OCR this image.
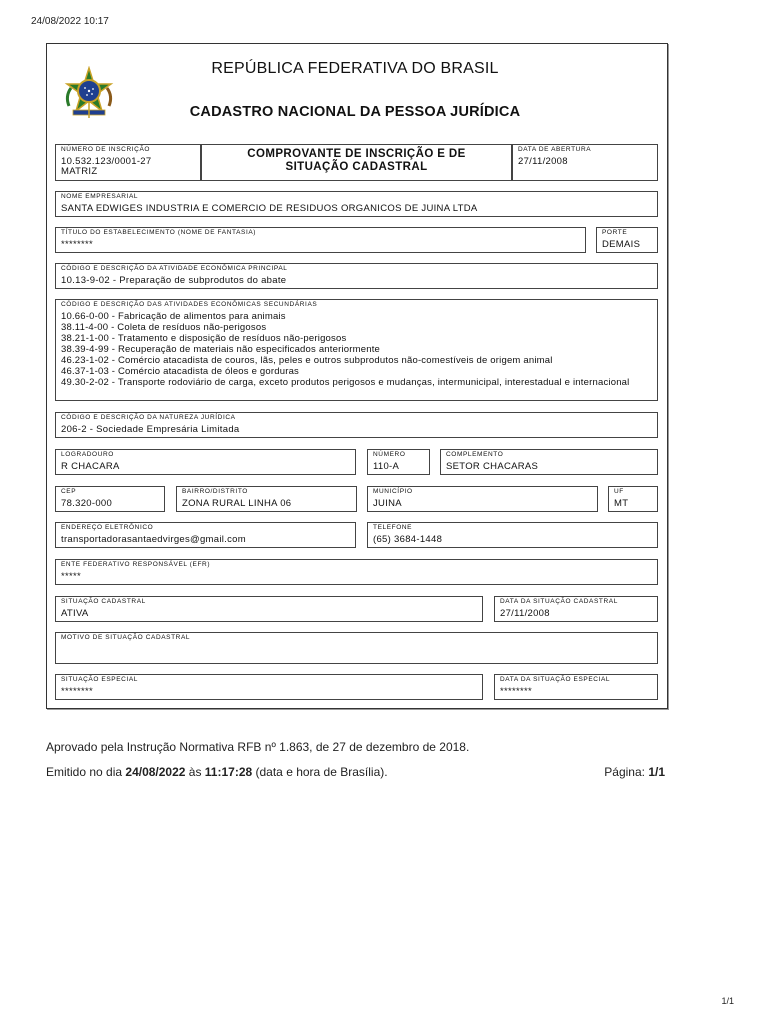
24/08/2022 10:17
REPÚBLICA FEDERATIVA DO BRASIL
CADASTRO NACIONAL DA PESSOA JURÍDICA
NÚMERO DE INSCRIÇÃO
10.532.123/0001-27
MATRIZ
COMPROVANTE DE INSCRIÇÃO E DE SITUAÇÃO CADASTRAL
DATA DE ABERTURA
27/11/2008
NOME EMPRESARIAL
SANTA EDWIGES INDUSTRIA E COMERCIO DE RESIDUOS ORGANICOS DE JUINA LTDA
TÍTULO DO ESTABELECIMENTO (NOME DE FANTASIA)
********
PORTE
DEMAIS
CÓDIGO E DESCRIÇÃO DA ATIVIDADE ECONÔMICA PRINCIPAL
10.13-9-02 - Preparação de subprodutos do abate
CÓDIGO E DESCRIÇÃO DAS ATIVIDADES ECONÔMICAS SECUNDÁRIAS
10.66-0-00 - Fabricação de alimentos para animais
38.11-4-00 - Coleta de resíduos não-perigosos
38.21-1-00 - Tratamento e disposição de resíduos não-perigosos
38.39-4-99 - Recuperação de materiais não especificados anteriormente
46.23-1-02 - Comércio atacadista de couros, lãs, peles e outros subprodutos não-comestíveis de origem animal
46.37-1-03 - Comércio atacadista de óleos e gorduras
49.30-2-02 - Transporte rodoviário de carga, exceto produtos perigosos e mudanças, intermunicipal, interestadual e internacional
CÓDIGO E DESCRIÇÃO DA NATUREZA JURÍDICA
206-2 - Sociedade Empresária Limitada
LOGRADOURO
R CHACARA
NÚMERO
110-A
COMPLEMENTO
SETOR CHACARAS
CEP
78.320-000
BAIRRO/DISTRITO
ZONA RURAL LINHA 06
MUNICÍPIO
JUINA
UF
MT
ENDEREÇO ELETRÔNICO
transportadorasantaedvirges@gmail.com
TELEFONE
(65) 3684-1448
ENTE FEDERATIVO RESPONSÁVEL (EFR)
*****
SITUAÇÃO CADASTRAL
ATIVA
DATA DA SITUAÇÃO CADASTRAL
27/11/2008
MOTIVO DE SITUAÇÃO CADASTRAL
SITUAÇÃO ESPECIAL
********
DATA DA SITUAÇÃO ESPECIAL
********
Aprovado pela Instrução Normativa RFB nº 1.863, de 27 de dezembro de 2018.
Emitido no dia 24/08/2022 às 11:17:28 (data e hora de Brasília).	Página: 1/1
1/1
